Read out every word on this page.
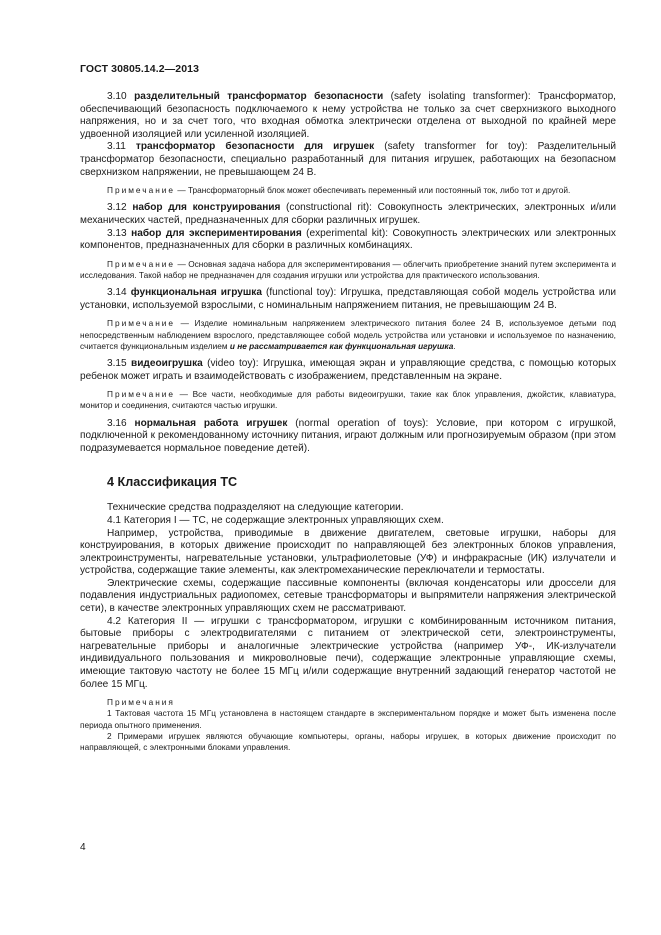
ГОСТ 30805.14.2—2013

3.10 разделительный трансформатор безопасности (safety isolating transformer): Трансформатор, обеспечивающий безопасность подключаемого к нему устройства не только за счет сверхнизкого выходного напряжения, но и за счет того, что входная обмотка электрически отделена от выходной по крайней мере удвоенной изоляцией или усиленной изоляцией.

3.11 трансформатор безопасности для игрушек (safety transformer for toy): Разделительный трансформатор безопасности, специально разработанный для питания игрушек, работающих на безопасном сверхнизком напряжении, не превышающем 24 В.

Примечание — Трансформаторный блок может обеспечивать переменный или постоянный ток, либо тот и другой.

3.12 набор для конструирования (constructional rit): Совокупность электрических, электронных и/или механических частей, предназначенных для сборки различных игрушек.

3.13 набор для экспериментирования (experimental kit): Совокупность электрических или электронных компонентов, предназначенных для сборки в различных комбинациях.

Примечание — Основная задача набора для экспериментирования — облегчить приобретение знаний путем эксперимента и исследования. Такой набор не предназначен для создания игрушки или устройства для практического использования.

3.14 функциональная игрушка (functional toy): Игрушка, представляющая собой модель устройства или установки, используемой взрослыми, с номинальным напряжением питания, не превышающим 24 В.

Примечание — Изделие номинальным напряжением электрического питания более 24 В, используемое детьми под непосредственным наблюдением взрослого, представляющее собой модель устройства или установки и используемое по назначению, считается функциональным изделием и не рассматривается как функциональная игрушка.

3.15 видеоигрушка (video toy): Игрушка, имеющая экран и управляющие средства, с помощью которых ребенок может играть и взаимодействовать с изображением, представленным на экране.

Примечание — Все части, необходимые для работы видеоигрушки, такие как блок управления, джойстик, клавиатура, монитор и соединения, считаются частью игрушки.

3.16 нормальная работа игрушек (normal operation of toys): Условие, при котором с игрушкой, подключенной к рекомендованному источнику питания, играют должным или прогнозируемым образом (при этом подразумевается нормальное поведение детей).

4 Классификация ТС

Технические средства подразделяют на следующие категории.

4.1 Категория I — ТС, не содержащие электронных управляющих схем.

Например, устройства, приводимые в движение двигателем, световые игрушки, наборы для конструирования, в которых движение происходит по направляющей без электронных блоков управления, электроинструменты, нагревательные установки, ультрафиолетовые (УФ) и инфракрасные (ИК) излучатели и устройства, содержащие такие элементы, как электромеханические переключатели и термостаты.

Электрические схемы, содержащие пассивные компоненты (включая конденсаторы или дроссели для подавления индустриальных радиопомех, сетевые трансформаторы и выпрямители напряжения электрической сети), в качестве электронных управляющих схем не рассматривают.

4.2 Категория II — игрушки с трансформатором, игрушки с комбинированным источником питания, бытовые приборы с электродвигателями с питанием от электрической сети, электроинструменты, нагревательные приборы и аналогичные электрические устройства (например УФ-, ИК-излучатели индивидуального пользования и микроволновые печи), содержащие электронные управляющие схемы, имеющие тактовую частоту не более 15 МГц и/или содержащие внутренний задающий генератор частотой не более 15 МГц.

Примечания

1 Тактовая частота 15 МГц установлена в настоящем стандарте в экспериментальном порядке и может быть изменена после периода опытного применения.

2 Примерами игрушек являются обучающие компьютеры, органы, наборы игрушек, в которых движение происходит по направляющей, с электронными блоками управления.

4
